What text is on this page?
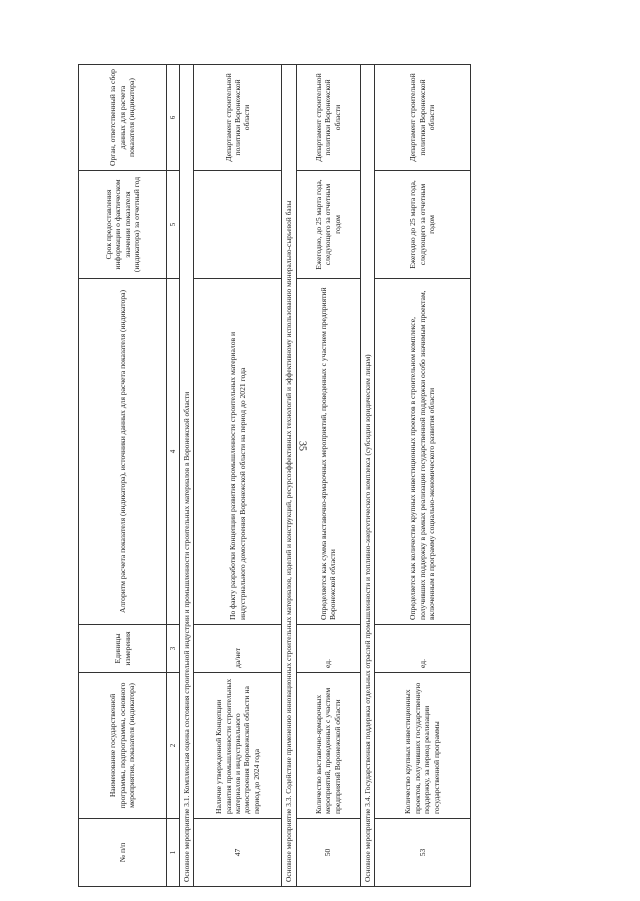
35
№ п/п	Наименование государственной программы, подпрограммы, основного мероприятия, показателя (индикатора)	Единицы измерения	Алгоритм расчета показателя (индикатора), источники данных для расчета показателя (индикатора)	Срок предоставления информации о фактическом значении показателя (индикатора) за отчетный год	Орган, ответственный за сбор данных для расчета показателя (индикатора)
1	2	3	4	5	6
Основное мероприятие 3.1. Комплексная оценка состояния строительной индустрии и промышленности строительных материалов в Воронежской области					
47	Наличие утвержденной Концепции развития промышленности строительных материалов и индустриального домостроения Воронежской области на период до 2024 года	да/нет	По факту разработки Концепции развития промышленности строительных материалов и индустриального домостроения Воронежской области на период до 2021 года		Департамент строительной политики Воронежской области
Основное мероприятие 3.3. Содействие применению инновационных строительных материалов, изделий и конструкций, ресурсоэффективных технологий и эффективному использованию минерально-сырьевой базы					
50	Количество выставочно-ярмарочных мероприятий, проведенных с участием предприятий Воронежской области	ед.	Определяется как сумма выставочно-ярмарочных мероприятий, проведенных с участием предприятий Воронежской области	Ежегодно, до 25 марта года, следующего за отчетным годом	Департамент строительной политики Воронежской области
Основное мероприятие 3.4. Государственная поддержка отдельных отраслей промышленности и топливно-энергетического комплекса (субсидии юридическим лицам)					
53	Количество крупных инвестиционных проектов, получивших государственную поддержку, за период реализации государственной программы	ед.	Определяется как количество крупных инвестиционных проектов в строительном комплексе, получивших поддержку в рамках реализации государственной поддержки особо значимым проектам, включенным в программу социально-экономического развития области	Ежегодно до 25 марта года, следующего за отчетным годом	Департамент строительной политики Воронежской области
